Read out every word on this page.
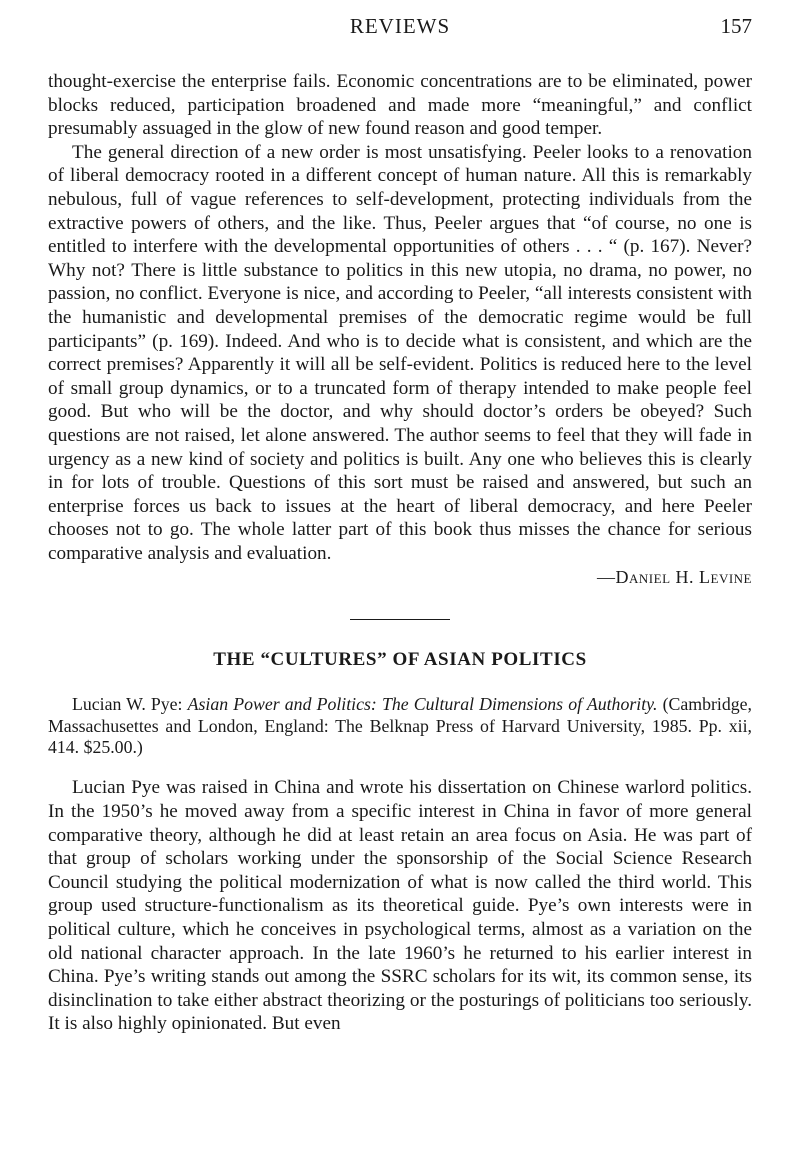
REVIEWS	157

thought-exercise the enterprise fails. Economic concentrations are to be eliminated, power blocks reduced, participation broadened and made more “meaningful,” and conflict presumably assuaged in the glow of new found reason and good temper.

The general direction of a new order is most unsatisfying. Peeler looks to a renovation of liberal democracy rooted in a different concept of human nature. All this is remarkably nebulous, full of vague references to self-development, protecting individuals from the extractive powers of others, and the like. Thus, Peeler argues that “of course, no one is entitled to interfere with the developmental opportunities of others . . . “ (p. 167). Never? Why not? There is little substance to politics in this new utopia, no drama, no power, no passion, no conflict. Everyone is nice, and according to Peeler, “all interests consistent with the humanistic and developmental premises of the democratic regime would be full participants” (p. 169). Indeed. And who is to decide what is consistent, and which are the correct premises? Apparently it will all be self-evident. Politics is reduced here to the level of small group dynamics, or to a truncated form of therapy intended to make people feel good. But who will be the doctor, and why should doctor’s orders be obeyed? Such questions are not raised, let alone answered. The author seems to feel that they will fade in urgency as a new kind of society and politics is built. Any one who believes this is clearly in for lots of trouble. Questions of this sort must be raised and answered, but such an enterprise forces us back to issues at the heart of liberal democracy, and here Peeler chooses not to go. The whole latter part of this book thus misses the chance for serious comparative analysis and evaluation.

—Daniel H. Levine
THE “CULTURES” OF ASIAN POLITICS

Lucian W. Pye: Asian Power and Politics: The Cultural Dimensions of Authority. (Cambridge, Massachusettes and London, England: The Belknap Press of Harvard University, 1985. Pp. xii, 414. $25.00.)

Lucian Pye was raised in China and wrote his dissertation on Chinese warlord politics. In the 1950’s he moved away from a specific interest in China in favor of more general comparative theory, although he did at least retain an area focus on Asia. He was part of that group of scholars working under the sponsorship of the Social Science Research Council studying the political modernization of what is now called the third world. This group used structure-functionalism as its theoretical guide. Pye’s own interests were in political culture, which he conceives in psychological terms, almost as a variation on the old national character approach. In the late 1960’s he returned to his earlier interest in China. Pye’s writing stands out among the SSRC scholars for its wit, its common sense, its disinclination to take either abstract theorizing or the posturings of politicians too seriously. It is also highly opinionated. But even
